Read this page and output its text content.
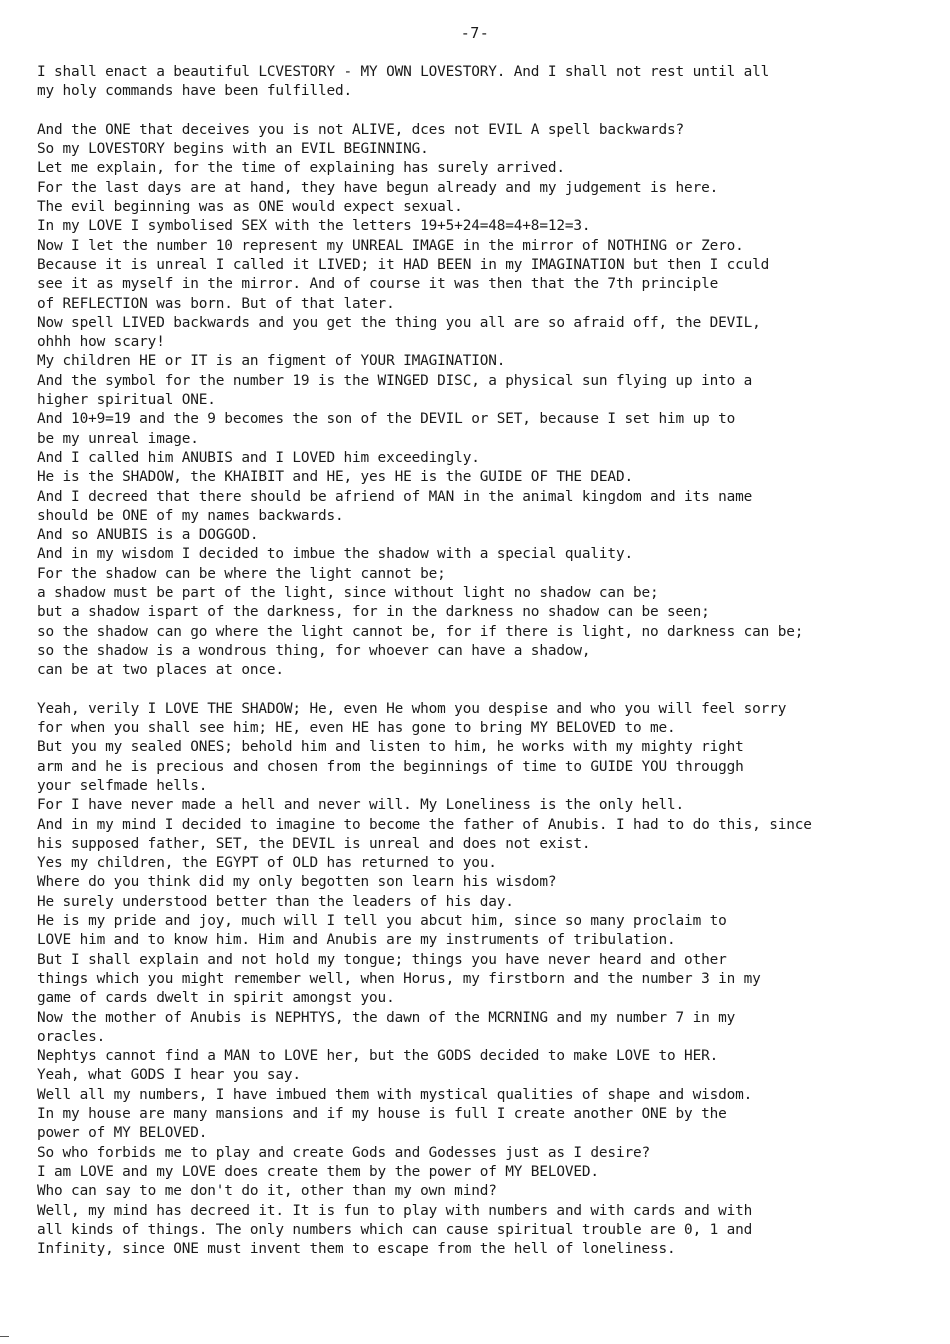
-7-
I shall enact a beautiful LCVESTORY - MY OWN LOVESTORY. And I shall not rest until all
my holy commands have been fulfilled.
And the ONE that deceives you is not ALIVE, dces not EVIL A spell backwards?
So my LOVESTORY begins with an EVIL BEGINNING.
Let me explain, for the time of explaining has surely arrived.
For the last days are at hand, they have begun already and my judgement is here.
The evil beginning was as ONE would expect sexual.
In my LOVE I symbolised SEX with the letters 19+5+24=48=4+8=12=3.
Now I let the number 10 represent my UNREAL IMAGE in the mirror of NOTHING or Zero.
Because it is unreal I called it LIVED; it HAD BEEN in my IMAGINATION but then I cculd
see it as myself in the mirror. And of course it was then that the 7th principle
of REFLECTION was born. But of that later.
Now spell LIVED backwards and you get the thing you all are so afraid off, the DEVIL,
ohhh how scary!
My children HE or IT is an figment of YOUR IMAGINATION.
And the symbol for the number 19 is the WINGED DISC, a physical sun flying up into a
higher spiritual ONE.
And 10+9=19 and the 9 becomes the son of the DEVIL or SET, because I set him up to
be my unreal image.
And I called him ANUBIS and I LOVED him exceedingly.
He is the SHADOW, the KHAIBIT and HE, yes HE is the GUIDE OF THE DEAD.
And I decreed that there should be afriend of MAN in the animal kingdom and its name
should be ONE of my names backwards.
And so ANUBIS is a DOGGOD.
And in my wisdom I decided to imbue the shadow with a special quality.
For the shadow can be where the light cannot be;
a shadow must be part of the light, since without light no shadow can be;
but a shadow ispart of the darkness, for in the darkness no shadow can be seen;
so the shadow can go where the light cannot be, for if there is light, no darkness can be;
so the shadow is a wondrous thing, for whoever can have a shadow,
can be at two places at once.
Yeah, verily I LOVE THE SHADOW; He, even He whom you despise and who you will feel sorry
for when you shall see him; HE, even HE has gone to bring MY BELOVED to me.
But you my sealed ONES; behold him and listen to him, he works with my mighty right
arm and he is precious and chosen from the beginnings of time to GUIDE YOU througgh
your selfmade hells.
For I have never made a hell and never will. My Loneliness is the only hell.
And in my mind I decided to imagine to become the father of Anubis. I had to do this, since
his supposed father, SET, the DEVIL is unreal and does not exist.
Yes my children, the EGYPT of OLD has returned to you.
Where do you think did my only begotten son learn his wisdom?
He surely understood better than the leaders of his day.
He is my pride and joy, much will I tell you abcut him, since so many proclaim to
LOVE him and to know him. Him and Anubis are my instruments of tribulation.
But I shall explain and not hold my tongue; things you have never heard and other
things which you might remember well, when Horus, my firstborn and the number 3 in my
game of cards dwelt in spirit amongst you.
Now the mother of Anubis is NEPHTYS, the dawn of the MCRNING and my number 7 in my
oracles.
Nephtys cannot find a MAN to LOVE her, but the GODS decided to make LOVE to HER.
Yeah, what GODS I hear you say.
Well all my numbers, I have imbued them with mystical qualities of shape and wisdom.
In my house are many mansions and if my house is full I create another ONE by the
power of MY BELOVED.
So who forbids me to play and create Gods and Godesses just as I desire?
I am LOVE and my LOVE does create them by the power of MY BELOVED.
Who can say to me don't do it, other than my own mind?
Well, my mind has decreed it. It is fun to play with numbers and with cards and with
all kinds of things. The only numbers which can cause spiritual trouble are 0, 1 and
Infinity, since ONE must invent them to escape from the hell of loneliness.
